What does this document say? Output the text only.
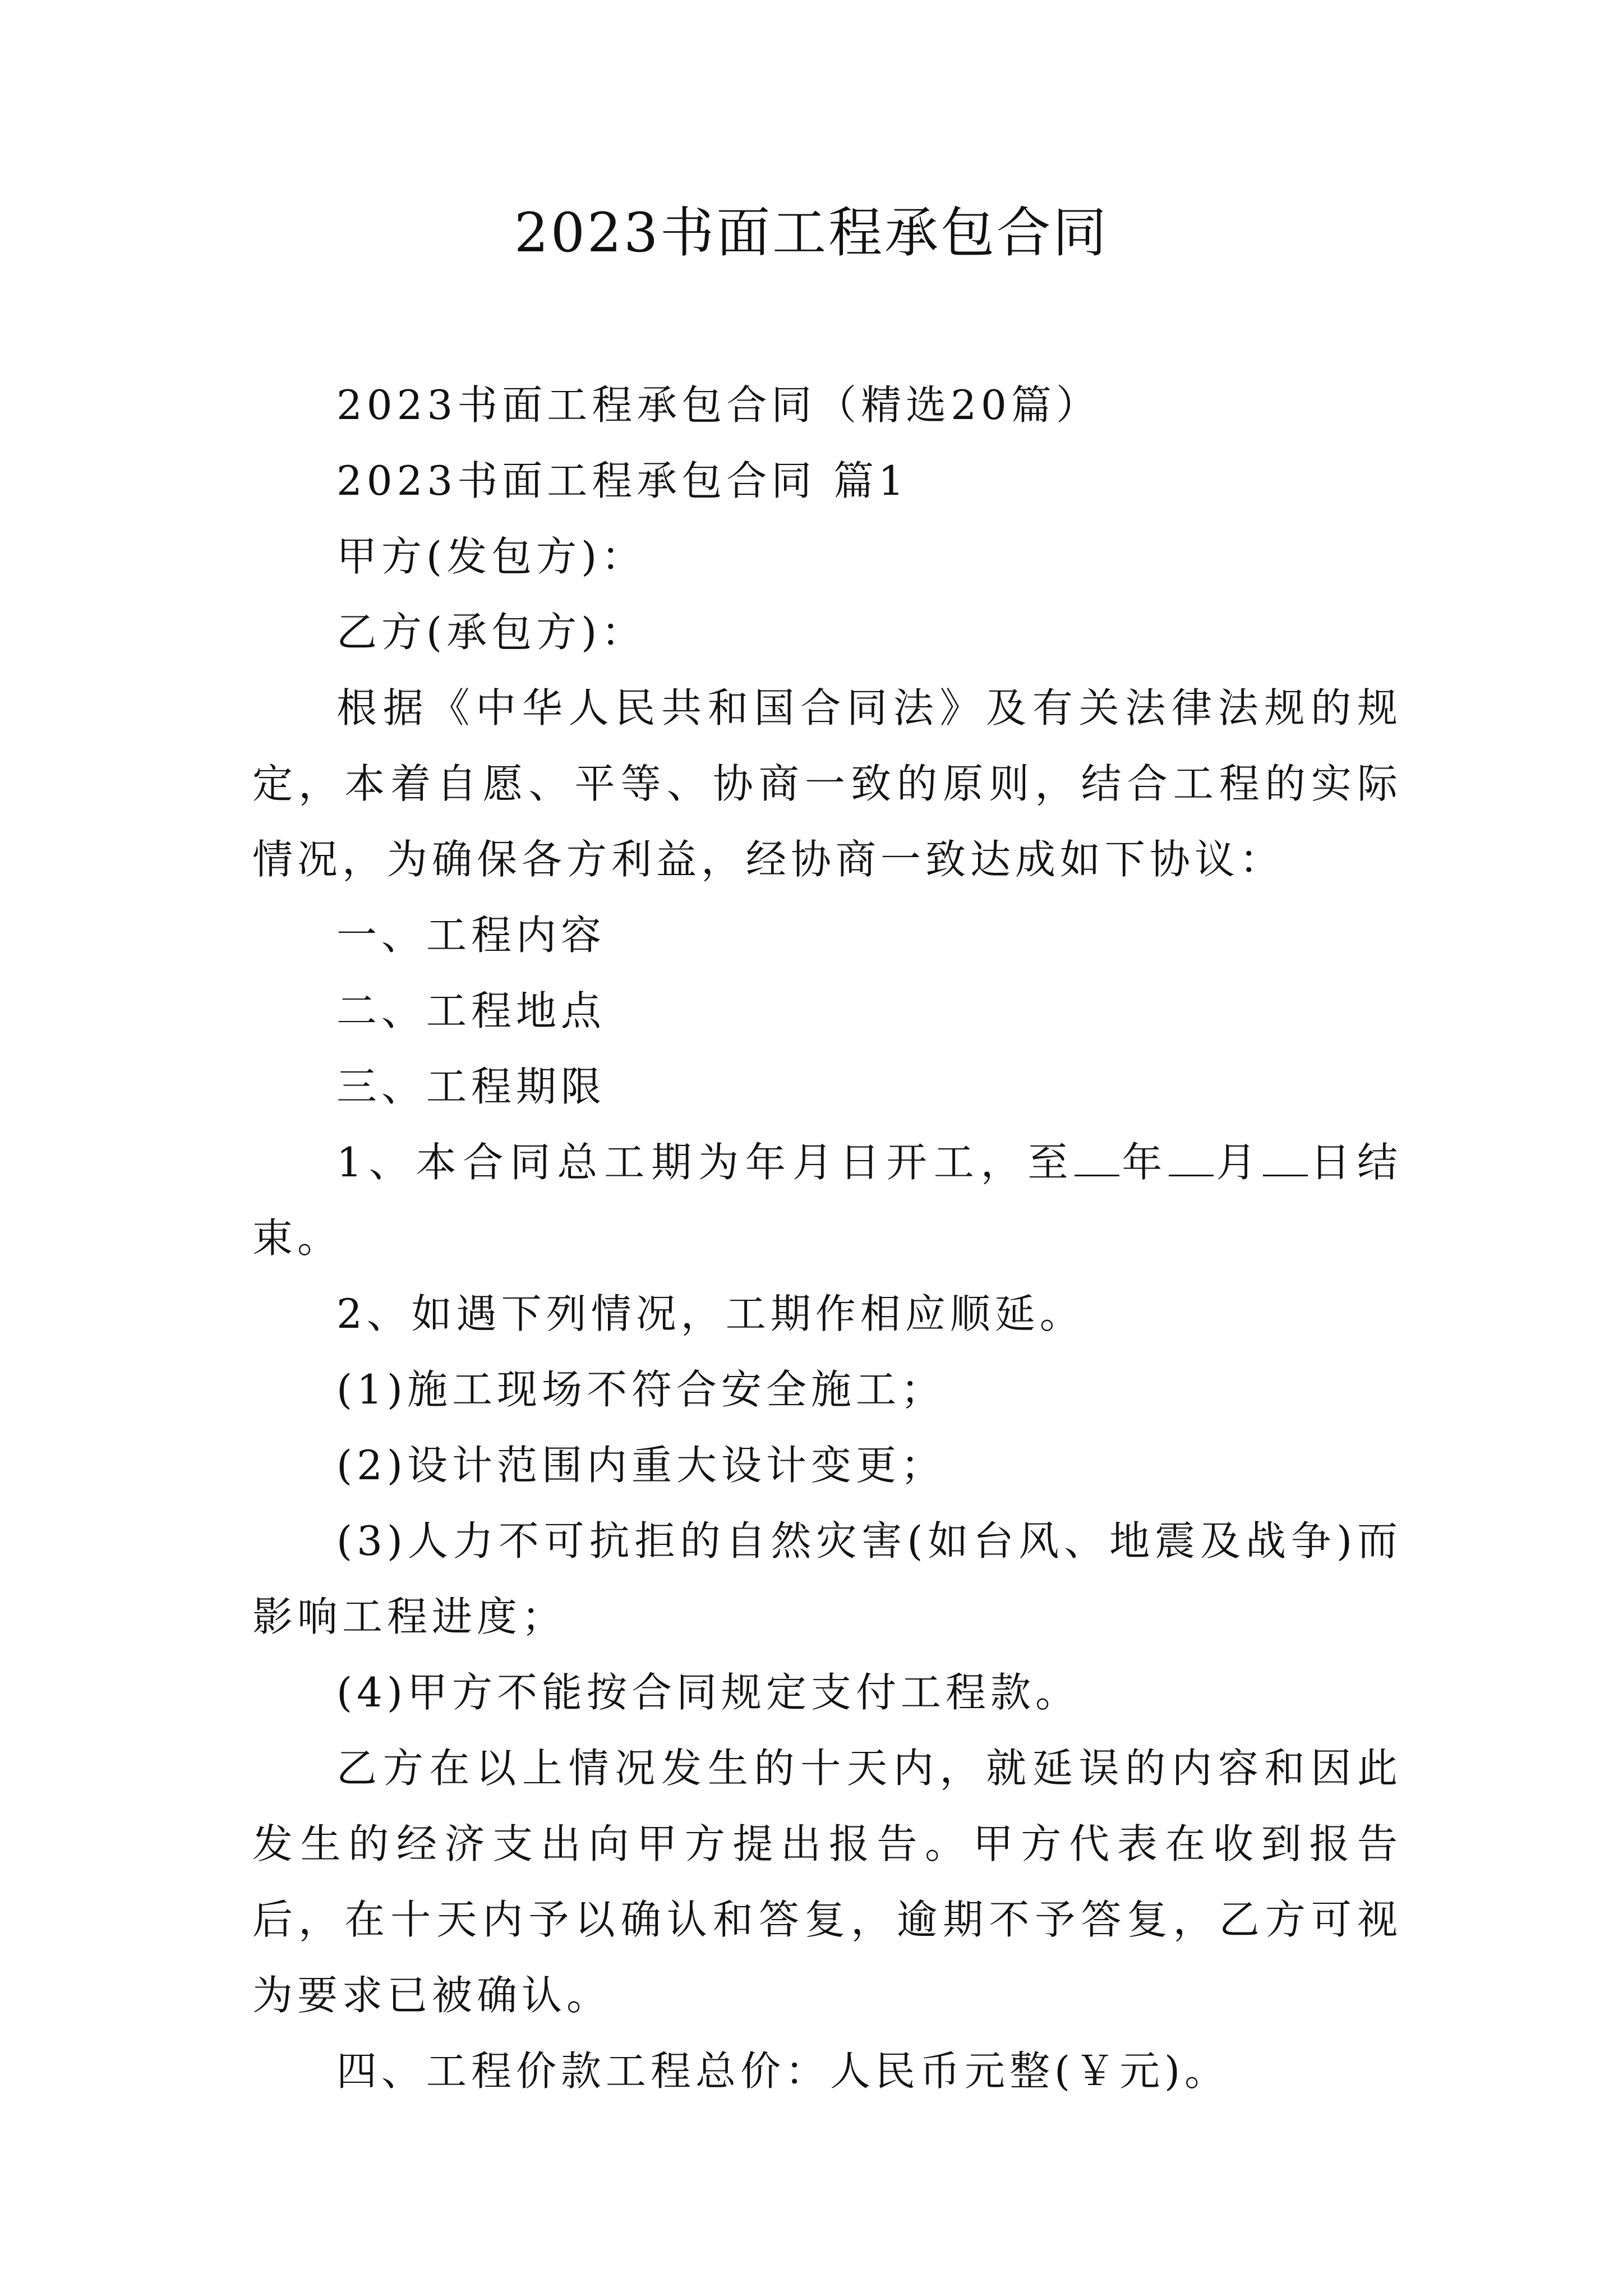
2023书面工程承包合同

2023书面工程承包合同（精选20篇）

2023书面工程承包合同 篇1

甲方(发包方)：

乙方(承包方)：

根据《中华人民共和国合同法》及有关法律法规的规定，本着自愿、平等、协商一致的原则，结合工程的实际情况，为确保各方利益，经协商一致达成如下协议：

一、工程内容

二、工程地点

三、工程期限

1、本合同总工期为年月日开工，至 年 月 日结束。

2、如遇下列情况，工期作相应顺延。

(1)施工现场不符合安全施工；

(2)设计范围内重大设计变更；

(3)人力不可抗拒的自然灾害(如台风、地震及战争)而影响工程进度；

(4)甲方不能按合同规定支付工程款。

乙方在以上情况发生的十天内，就延误的内容和因此发生的经济支出向甲方提出报告。甲方代表在收到报告后，在十天内予以确认和答复，逾期不予答复，乙方可视为要求已被确认。

四、工程价款工程总价：人民币元整(￥元)。
